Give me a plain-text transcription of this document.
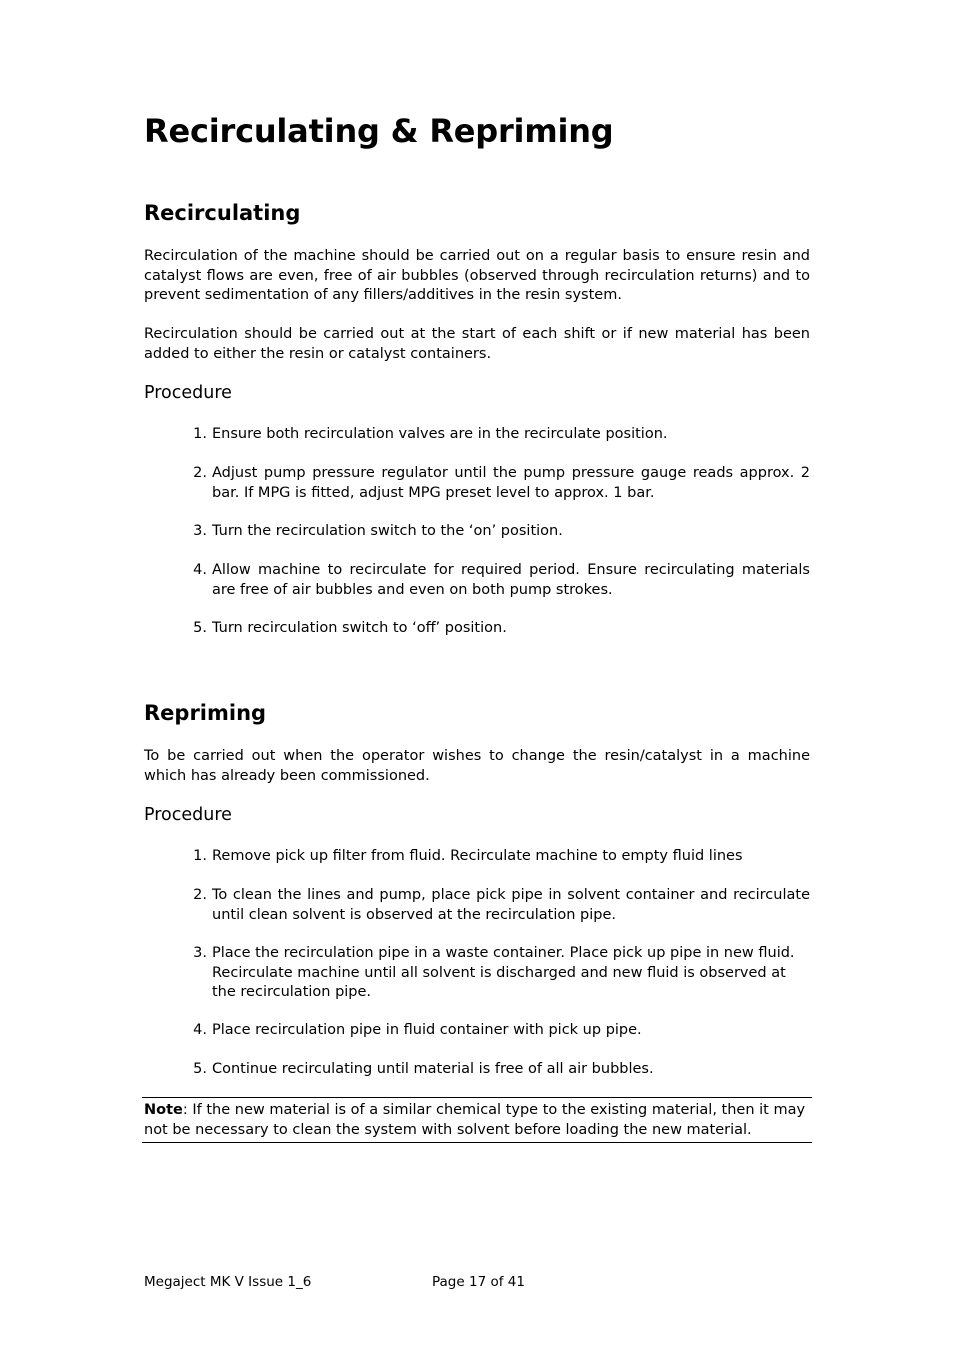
Recirculating & Repriming
Recirculating

Recirculation of the machine should be carried out on a regular basis to ensure resin and catalyst flows are even, free of air bubbles (observed through recirculation returns) and to prevent sedimentation of any fillers/additives in the resin system.

Recirculation should be carried out at the start of each shift or if new material has been added to either the resin or catalyst containers.

Procedure
1. Ensure both recirculation valves are in the recirculate position.
2. Adjust pump pressure regulator until the pump pressure gauge reads approx. 2 bar. If MPG is fitted, adjust MPG preset level to approx. 1 bar.
3. Turn the recirculation switch to the ‘on’ position.
4. Allow machine to recirculate for required period. Ensure recirculating materials are free of air bubbles and even on both pump strokes.
5. Turn recirculation switch to ‘off’ position.
Repriming

To be carried out when the operator wishes to change the resin/catalyst in a machine which has already been commissioned.

Procedure
1. Remove pick up filter from fluid. Recirculate machine to empty fluid lines
2. To clean the lines and pump, place pick pipe in solvent container and recirculate until clean solvent is observed at the recirculation pipe.
3. Place the recirculation pipe in a waste container. Place pick up pipe in new fluid. Recirculate machine until all solvent is discharged and new fluid is observed at the recirculation pipe.
4. Place recirculation pipe in fluid container with pick up pipe.
5. Continue recirculating until material is free of all air bubbles.
Note: If the new material is of a similar chemical type to the existing material, then it may not be necessary to clean the system with solvent before loading the new material.
Megaject MK V Issue 1_6	Page 17 of 41
